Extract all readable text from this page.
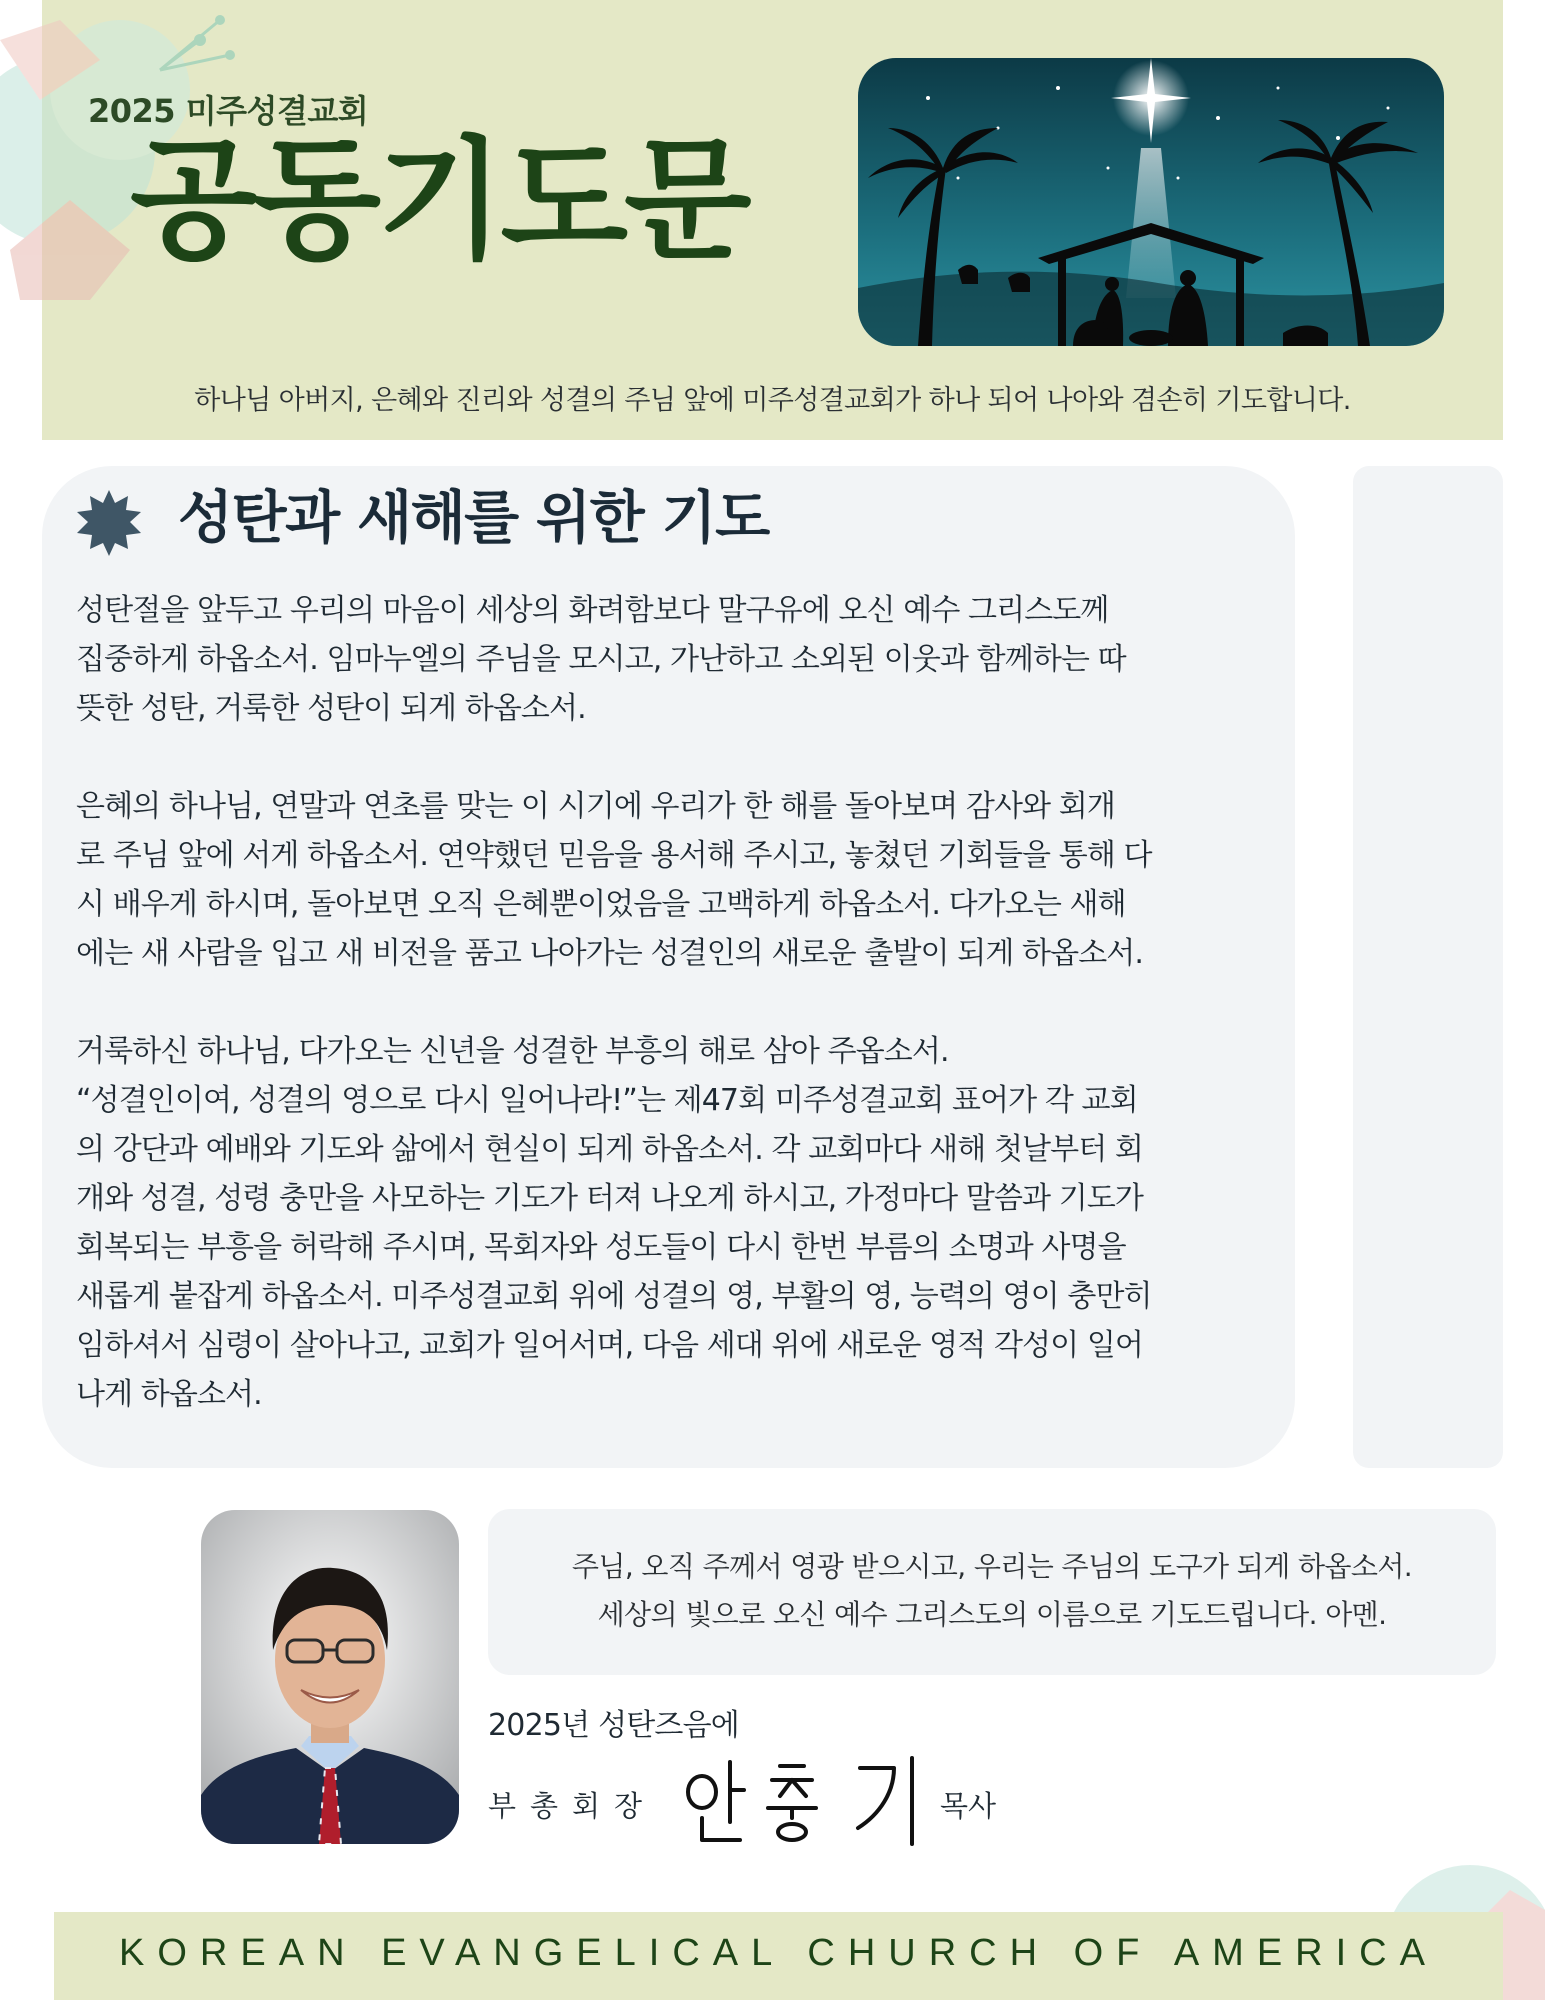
2025 미주성결교회
공동기도문
하나님 아버지, 은혜와 진리와 성결의 주님 앞에 미주성결교회가 하나 되어 나아와 겸손히 기도합니다.
성탄과 새해를 위한 기도

성탄절을 앞두고 우리의 마음이 세상의 화려함보다 말구유에 오신 예수 그리스도께
집중하게 하옵소서. 임마누엘의 주님을 모시고, 가난하고 소외된 이웃과 함께하는 따
뜻한 성탄, 거룩한 성탄이 되게 하옵소서.

은혜의 하나님, 연말과 연초를 맞는 이 시기에 우리가 한 해를 돌아보며 감사와 회개
로 주님 앞에 서게 하옵소서. 연약했던 믿음을 용서해 주시고, 놓쳤던 기회들을 통해 다
시 배우게 하시며, 돌아보면 오직 은혜뿐이었음을 고백하게 하옵소서. 다가오는 새해
에는 새 사람을 입고 새 비전을 품고 나아가는 성결인의 새로운 출발이 되게 하옵소서.

거룩하신 하나님, 다가오는 신년을 성결한 부흥의 해로 삼아 주옵소서.
“성결인이여, 성결의 영으로 다시 일어나라!”는 제47회 미주성결교회 표어가 각 교회
의 강단과 예배와 기도와 삶에서 현실이 되게 하옵소서. 각 교회마다 새해 첫날부터 회
개와 성결, 성령 충만을 사모하는 기도가 터져 나오게 하시고, 가정마다 말씀과 기도가
회복되는 부흥을 허락해 주시며, 목회자와 성도들이 다시 한번 부름의 소명과 사명을
새롭게 붙잡게 하옵소서. 미주성결교회 위에 성결의 영, 부활의 영, 능력의 영이 충만히
임하셔서 심령이 살아나고, 교회가 일어서며, 다음 세대 위에 새로운 영적 각성이 일어
나게 하옵소서.

주님, 오직 주께서 영광 받으시고, 우리는 주님의 도구가 되게 하옵소서.
세상의 빛으로 오신 예수 그리스도의 이름으로 기도드립니다. 아멘.
2025년 성탄즈음에
부총회장	목사
KOREAN EVANGELICAL CHURCH OF AMERICA
